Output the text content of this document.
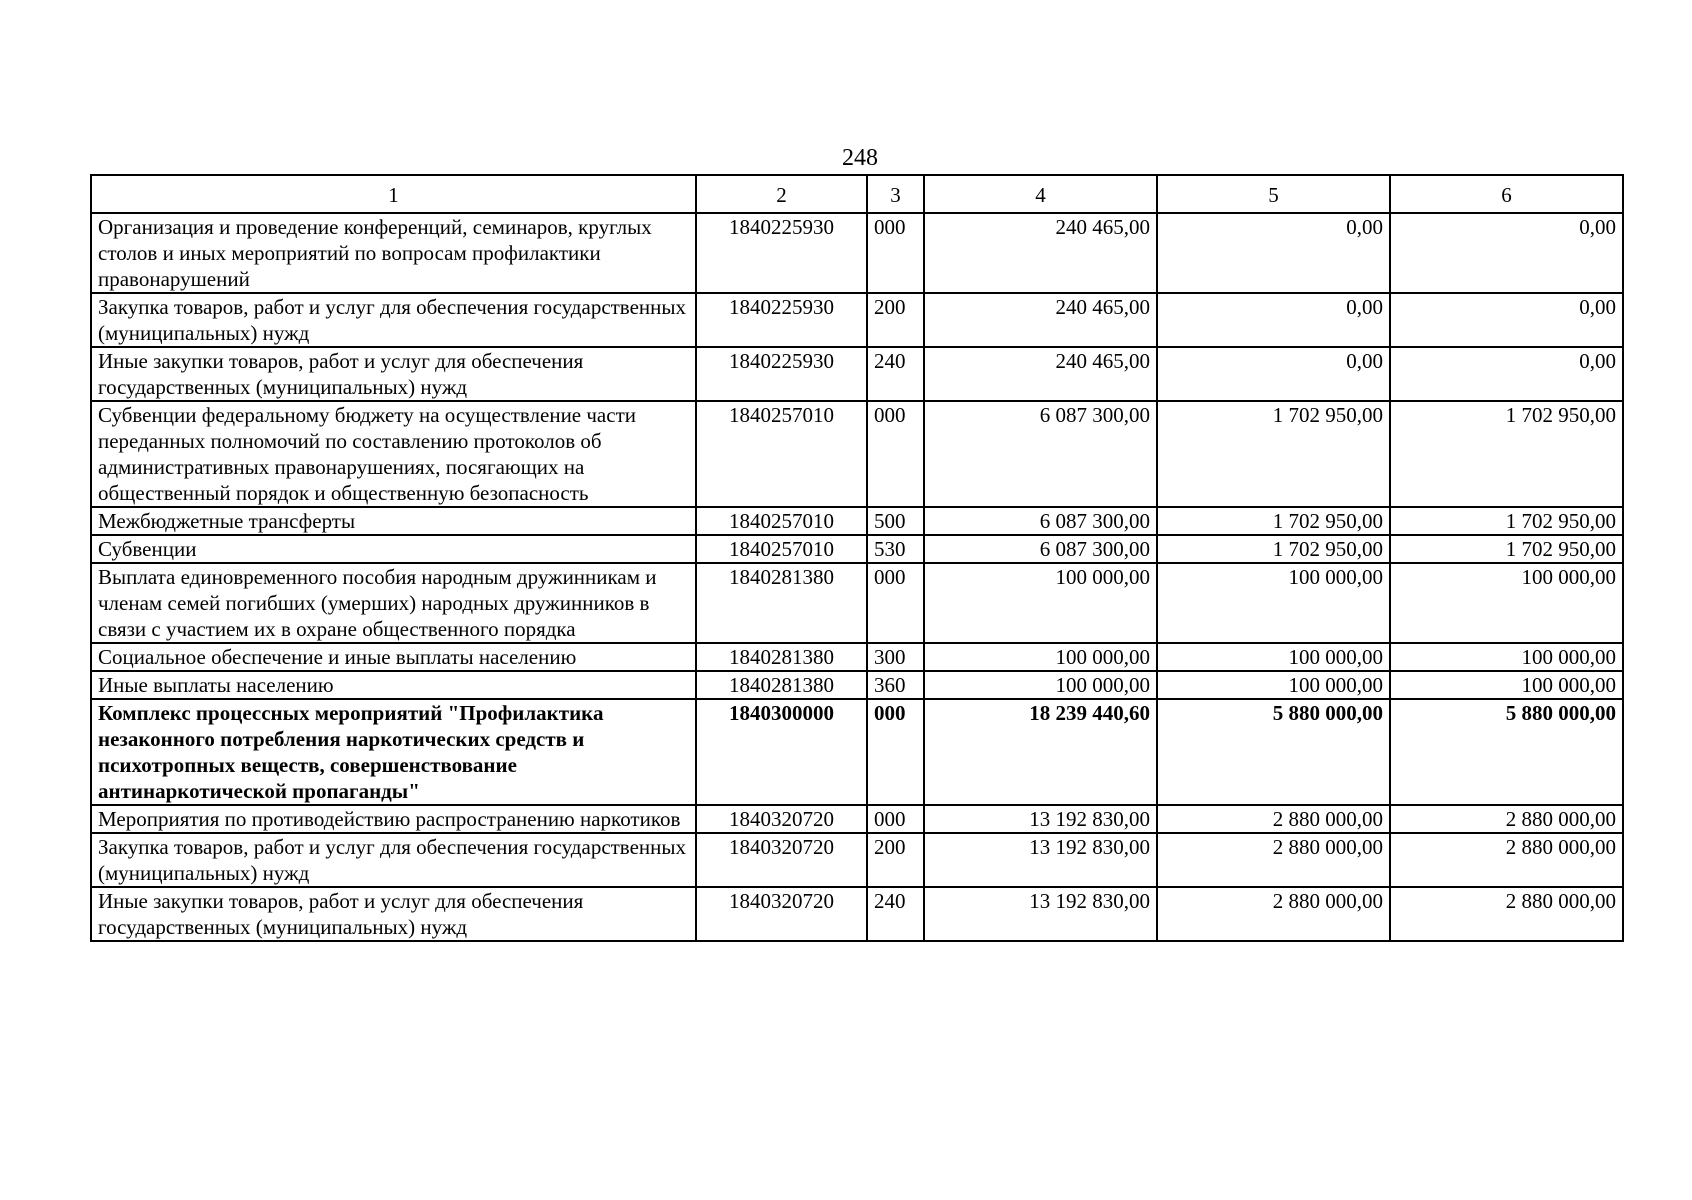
248
1	2	3	4	5	6
Организация и проведение конференций, семинаров, круглых столов и иных мероприятий по вопросам профилактики правонарушений	1840225930	000	240 465,00	0,00	0,00
Закупка товаров, работ и услуг для обеспечения государственных (муниципальных) нужд	1840225930	200	240 465,00	0,00	0,00
Иные закупки товаров, работ и услуг для обеспечения государственных (муниципальных) нужд	1840225930	240	240 465,00	0,00	0,00
Субвенции федеральному бюджету на осуществление части переданных полномочий по составлению протоколов об административных правонарушениях, посягающих на общественный порядок и общественную безопасность	1840257010	000	6 087 300,00	1 702 950,00	1 702 950,00
Межбюджетные трансферты	1840257010	500	6 087 300,00	1 702 950,00	1 702 950,00
Субвенции	1840257010	530	6 087 300,00	1 702 950,00	1 702 950,00
Выплата единовременного пособия народным дружинникам и членам семей погибших (умерших) народных дружинников в связи с участием их в охране общественного порядка	1840281380	000	100 000,00	100 000,00	100 000,00
Социальное обеспечение и иные выплаты населению	1840281380	300	100 000,00	100 000,00	100 000,00
Иные выплаты населению	1840281380	360	100 000,00	100 000,00	100 000,00
Комплекс процессных мероприятий "Профилактика незаконного потребления наркотических средств и психотропных веществ, совершенствование антинаркотической пропаганды"	1840300000	000	18 239 440,60	5 880 000,00	5 880 000,00
Мероприятия по противодействию распространению наркотиков	1840320720	000	13 192 830,00	2 880 000,00	2 880 000,00
Закупка товаров, работ и услуг для обеспечения государственных (муниципальных) нужд	1840320720	200	13 192 830,00	2 880 000,00	2 880 000,00
Иные закупки товаров, работ и услуг для обеспечения государственных (муниципальных) нужд	1840320720	240	13 192 830,00	2 880 000,00	2 880 000,00
